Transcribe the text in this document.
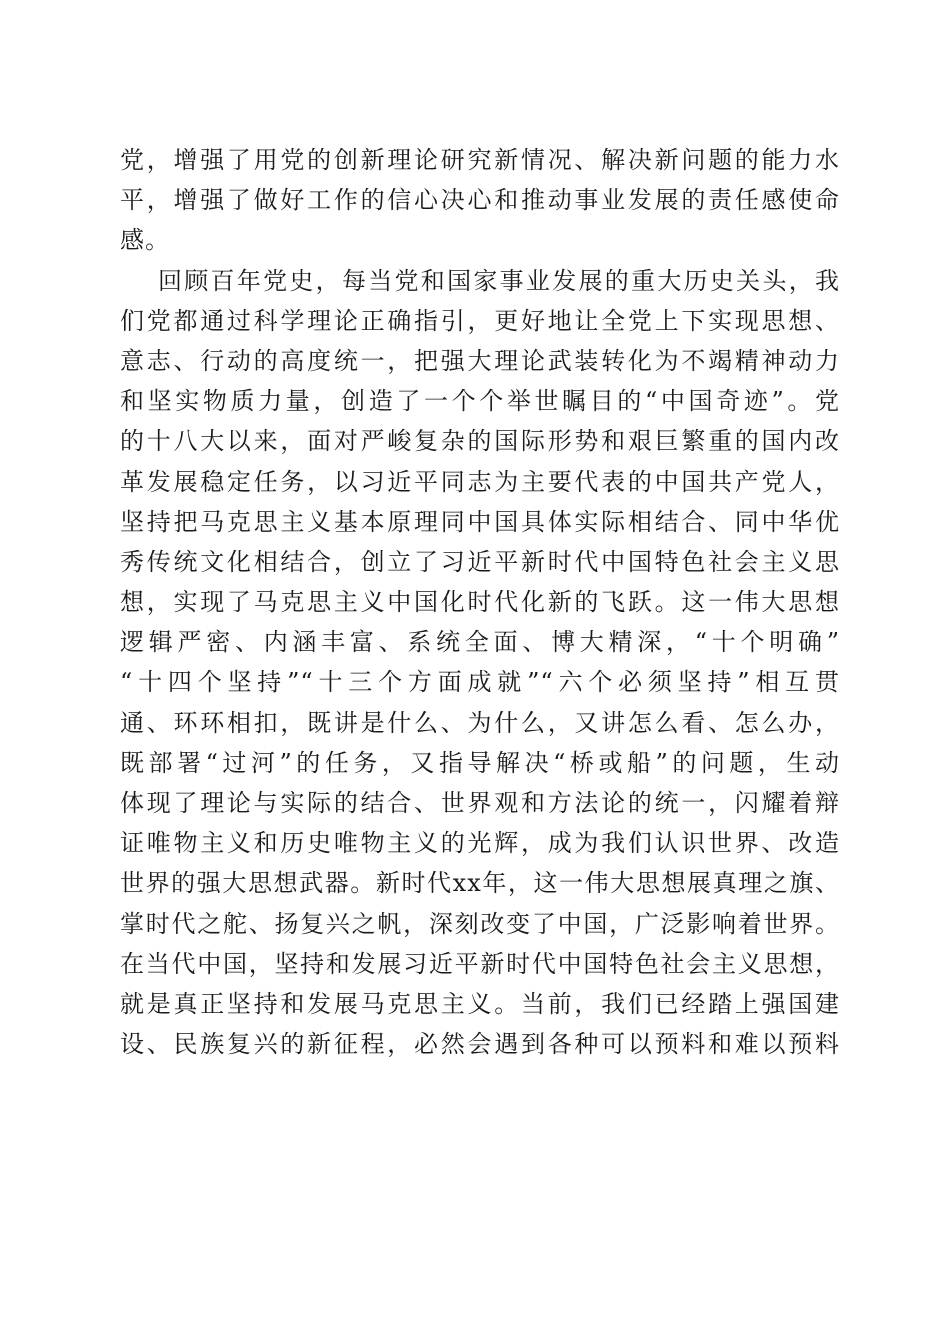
党，增强了用党的创新理论研究新情况、解决新问题的能力水
平，增强了做好工作的信心决心和推动事业发展的责任感使命
感。
回顾百年党史，每当党和国家事业发展的重大历史关头，我
们党都通过科学理论正确指引，更好地让全党上下实现思想、
意志、行动的高度统一，把强大理论武装转化为不竭精神动力
和坚实物质力量，创造了一个个举世瞩目的“中国奇迹”。党
的十八大以来，面对严峻复杂的国际形势和艰巨繁重的国内改
革发展稳定任务，以习近平同志为主要代表的中国共产党人，
坚持把马克思主义基本原理同中国具体实际相结合、同中华优
秀传统文化相结合，创立了习近平新时代中国特色社会主义思
想，实现了马克思主义中国化时代化新的飞跃。这一伟大思想
逻辑严密、内涵丰富、系统全面、博大精深，“十个明确”
“十四个坚持”“十三个方面成就”“六个必须坚持”相互贯
通、环环相扣，既讲是什么、为什么，又讲怎么看、怎么办，
既部署“过河”的任务，又指导解决“桥或船”的问题，生动
体现了理论与实际的结合、世界观和方法论的统一，闪耀着辩
证唯物主义和历史唯物主义的光辉，成为我们认识世界、改造
世界的强大思想武器。新时代xx年，这一伟大思想展真理之旗、
掌时代之舵、扬复兴之帆，深刻改变了中国，广泛影响着世界。
在当代中国，坚持和发展习近平新时代中国特色社会主义思想，
就是真正坚持和发展马克思主义。当前，我们已经踏上强国建
设、民族复兴的新征程，必然会遇到各种可以预料和难以预料
